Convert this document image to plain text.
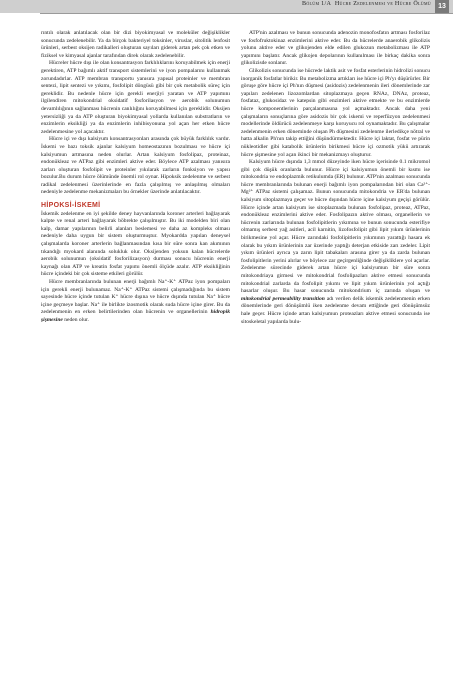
Bölüm 1/A Hücre Zedelenmesi ve Hücre Ölümü	13

rıntılı olarak anlatılacak olan bir dizi biyokimyasal ve moleküler değişiklikler sonucunda zedelenebilir. Ya da birçok bakteriyel toksinler, viruslar, sitolitik lenfosit ürünleri, serbest oksijen radikalleri oluşturan sayıları giderek artan pek çok etken ve fiziksel ve kimyasal ajanlar tarafından direk olarak zedelenebilir.

Hücreler hücre dışı ile olan konsantrasyon farklılıklarını koruyabilmek için enerji gerektiren, ATP bağımlı aktif transport sistemlerini ve iyon pompalarını kullanmak zorundadırlar. ATP membran transportu yanısıra yapısal proteinler ve membran sentezi, lipit sentezi ve yıkımı, fosfolipit döngüsü gibi bir çok metabolik süreç için gereklidir. Bu nedenle hücre için gerekli enerjiyi yaratan ve ATP yapımını ilgilendiren mitokondrial oksidatif fosforilasyon ve aerobik solunumun devamlılığının sağlanması hücrenin canlılığını koruyabilmesi için gereklidir. Oksijen yetersizliği ya da ATP oluşturan biyokimyasal yollarda kullanılan substratların ve enzimlerin eksikliği ya da enzimlerin inhibisyonuna yol açan her etken hücre zedelenmesine yol açacaktır.

Hücre içi ve dışı kalsiyum konsantrasyonları arasında çok büyük farklılık vardır. İskemi ve bazı toksik ajanlar kalsiyum homeostazının bozulması ve hücre içi kalsiyumun artmasına neden olurlar. Artan kalsiyum fosfolipaz, proteinaz, endonükleaz ve ATPaz gibi enzimleri aktive eder. Böylece ATP azalması yanısıra zarları oluşturan fosfolipit ve proteinler yıkılarak zarların fonksiyon ve yapısı bozulur.Bu durum hücre ölümünde önemli rol oynar. Hipoksik zedelenme ve serbest radikal zedelenmesi üzerinlerinde en fazla çalışılmış ve anlaşılmış olmaları nedeniyle zedelenme mekanizmaları bu örnekler üzerinde anlatılacaktır.

HİPOKSİ-İSKEMİ

İskemik zedelenme en iyi şekilde deney hayvanlarında koroner arterleri bağlayarak kalpte ve renal arteri bağlayarak böbrekte çalışılmıştır. Bu iki modelden biri olan kalp, damar yapılarının belirli alanları beslemesi ve daha az kompleks olması nedeniyle daha uygun bir sistem oluşturmuştur. Myokardda yapılan deneysel çalışmalarda koroner arterlerin bağlanmasından kısa bir süre sonra kan akımının tıkandığı myokard alanında solukluk olur. Oksijenden yoksun kalan hücrelerde aerobik solunumun (oksidatif fosforilizasyon) durması sonucu hücrenin enerji kaynağı olan ATP ve kreatin fosfat yapımı önemli ölçüde azalır. ATP eksikliğinin hücre içindeki bir çok sisteme etkileri görülür.

Hücre membranlarında bulunan enerji bağımlı Na⁺-K⁺ ATPaz iyon pompaları için gerekli enerji bulunamaz. Na⁺-K⁺ ATPaz sistemi çalışmadığında bu sistem sayesinde hücre içinde tutulan K⁺ hücre dışına ve hücre dışında tutulan Na⁺ hücre içine geçmeye başlar. Na⁺ ile birlikte izosmotik olarak suda hücre içine girer. Bu da zedelenmenin en erken belirtilerinden olan hücrenin ve organellerinin hidropik şişmesine neden olur.

ATP'nin azalması ve bunun sonucunda adenozin monofosfatın artması fosforilaz ve fosfofruktokinaz enzimlerini aktive eder. Bu da hücrelerde anaerobik glikolizis yolunu aktive eder ve glikojenden elde edilen glukozun metabolizması ile ATP yapımını başlatır. Ancak glikojen depolarının kullanılması ile birkaç dakika sonra glikolizisde sonlanır.

Glikolizis sonucunda ise hücrede laktik asit ve fosfat esterlerinin hidrolizi sonucu inorganik fosfatlar birikir. Bu metabolizma artıkları ise hücre içi Ph'yı düşürürler. Bir göruşe göre hücre içi Ph'nın düşmesi (asidozis) zedelenmenin ileri dönemlerinde zar yapıları zedelenen lizozomlardan sitoplazmaya geçen RNAz, DNAz, proteaz, fosfataz, glukosidaz ve katepsin gibi enzimleri aktive etmekte ve bu enzimlerde hücre komponentlerinin parçalanmasına yol açmaktadır. Ancak daha yeni çalışmaların sonuçlarına göre asidozis bir çok iskemi ve reperfüzyon zedelenmesi modellerinde öldürücü zedelenmeye karşı koruyucu rol oynamaktadır. Bu çalışmalar zedelenmenin erken döneminde oluşan Ph düşmesini zedelenme ilerledikçe nötral ve hatta alkalin Ph'nın takip ettiğini düşündürmektedir. Hücre içi laktat, fosfat ve pürin nükleotidler gibi katabolik ürünlerin birikmesi hücre içi ozmotik yükü artırarak hücre şişmesine yol açan ikinci bir mekanizmayı oluşturur.

Kalsiyum hücre dışında 1,3 mmol düzeyinde iken hücre içerisinde 0.1 mikromol gibi çok düşük oranlarda bulunur. Hücre içi kalsiyumun önemli bir kısmı ise mitokondria ve endoplazmik retikulumda (ER) bulunur. ATP'nin azalması sonucunda hücre membranlarında bulunan enerji bağımlı iyon pompalarından biri olan Ca²⁺-Mg²⁺ ATPaz sistemi çalışamaz. Bunun sonucunda mitokondria ve ER'da bulunan kalsiyum sitoplazmaya geçer ve hücre dışından hücre içine kalsiyum geçişi görülür. Hücre içinde artan kalsiyum ise sitoplazmada bulunan fosfolipaz, proteaz, ATPaz, endonükleaz enzimlerini aktive eder. Fosfolipazın aktive olması, organellerin ve hücrenin zarlarında bulunan fosfolipitlerin yıkımına ve bunun sonucunda esterifiye olmamış serbest yağ asitleri, acil karnitin, lizofosfolipit gibi lipit yıkım ürünlerinin birikmesine yol açar. Hücre zarındaki fosfolipitlerin yıkımının yarattığı hasara ek olarak bu yıkım ürünlerinin zar üzerinde yaptığı deterjan etkiside zarı zedeler. Lipit yıkım ürünleri ayrıca ya zarın lipit tabakaları arasına girer ya da zarda bulunan fosfolipitlerin yerini alırlar ve böylece zar geçirgenliğinde değişikliklere yol açarlar. Zedelenme sürecinde giderek artan hücre içi kalsiyumun bir süre sonra mitokondriaya girmesi ve mitokondrial fosfolipazları aktive etmesi sonucunda mitokondrial zarlarda da fosfolipit yıkımı ve lipit yıkım ürünlerinin yol açtığı hasarlar oluşur. Bu hasar sonucunda mitokondrium iç zarında oluşan ve mitokondrial permeability transition adı verilen delik iskemik zedelenmenin erken dönemlerinde geri dönüşümlü iken zedelenme devam ettiğinde geri dönüşümsüz hale geçer. Hücre içinde artan kalsiyumun proteazları aktive etmesi sonucunda ise sitoskeletal yapılarda bulu-
